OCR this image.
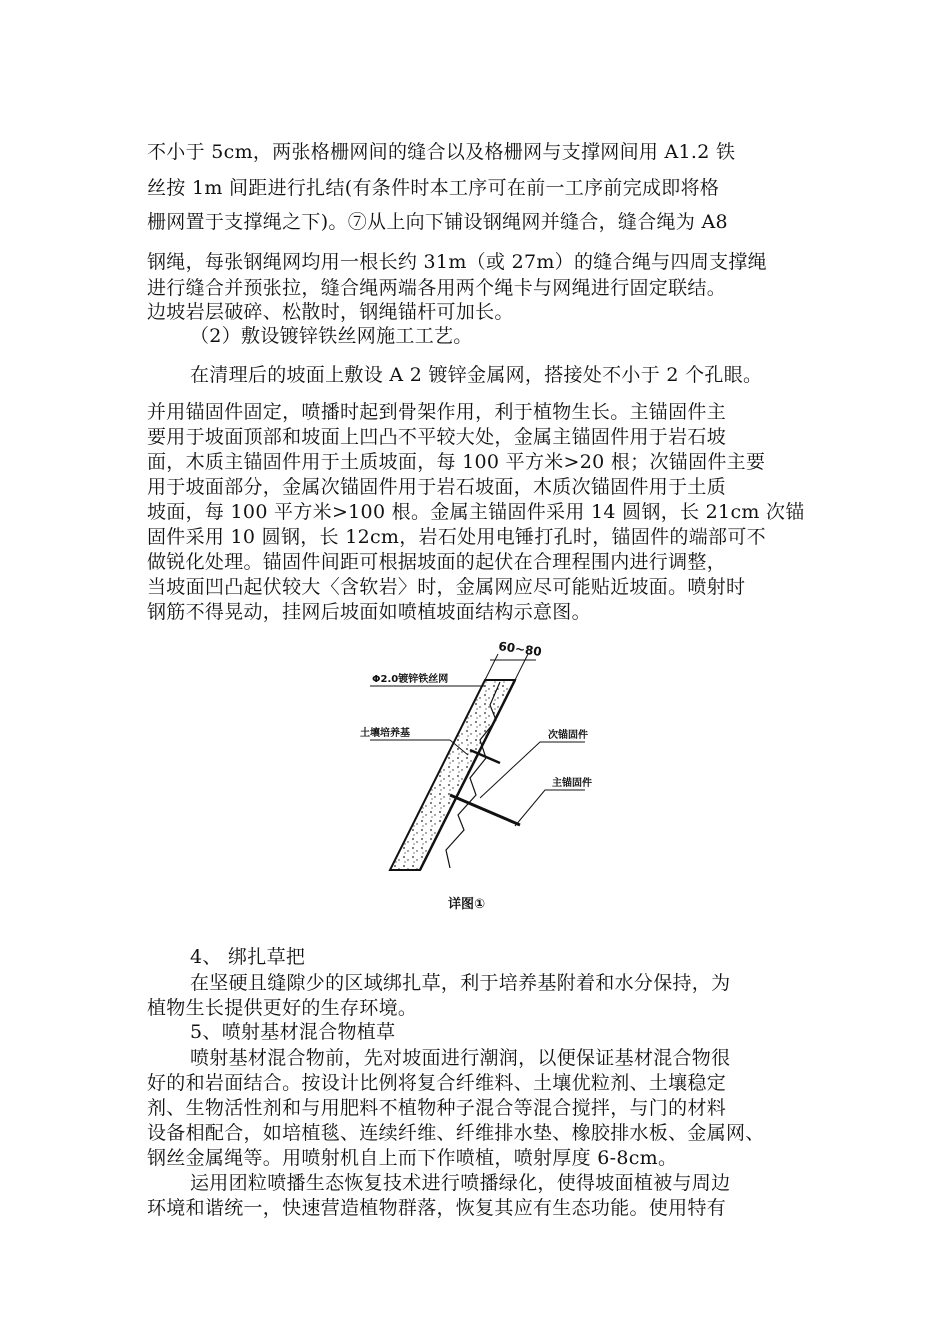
不小于 5cm，两张格栅网间的缝合以及格栅网与支撑网间用 A1.2 铁
丝按 1m 间距进行扎结(有条件时本工序可在前一工序前完成即将格
栅网置于支撑绳之下)。⑦从上向下铺设钢绳网并缝合，缝合绳为 A8
钢绳，每张钢绳网均用一根长约 31m（或 27m）的缝合绳与四周支撑绳
进行缝合并预张拉，缝合绳两端各用两个绳卡与网绳进行固定联结。
边坡岩层破碎、松散时，钢绳锚杆可加长。
（2）敷设镀锌铁丝网施工工艺。
在清理后的坡面上敷设 A 2 镀锌金属网，搭接处不小于 2 个孔眼。
并用锚固件固定，喷播时起到骨架作用，利于植物生长。主锚固件主
要用于坡面顶部和坡面上凹凸不平较大处，金属主锚固件用于岩石坡
面，木质主锚固件用于土质坡面，每 100 平方米>20 根；次锚固件主要
用于坡面部分，金属次锚固件用于岩石坡面，木质次锚固件用于土质
坡面，每 100 平方米>100 根。金属主锚固件采用 14 圆钢，长 21cm 次锚
固件采用 10 圆钢，长 12cm，岩石处用电锤打孔时，锚固件的端部可不
做锐化处理。锚固件间距可根据坡面的起伏在合理程围内进行调整，
当坡面凹凸起伏较大〈含软岩〉时，金属网应尽可能贴近坡面。喷射时
钢筋不得晃动，挂网后坡面如喷植坡面结构示意图。
60~80
Φ2.0镀锌铁丝网
土壤培养基	次锚固件
主锚固件
详图①
4、 绑扎草把
在坚硬且缝隙少的区域绑扎草，利于培养基附着和水分保持，为
植物生长提供更好的生存环境。
5、喷射基材混合物植草
喷射基材混合物前，先对坡面进行潮润，以便保证基材混合物很
好的和岩面结合。按设计比例将复合纤维料、土壤优粒剂、土壤稳定
剂、生物活性剂和与用肥料不植物种子混合等混合搅拌，与门的材料
设备相配合，如培植毯、连续纤维、纤维排水垫、橡胶排水板、金属网、
钢丝金属绳等。用喷射机自上而下作喷植，喷射厚度 6-8cm。
运用团粒喷播生态恢复技术进行喷播绿化，使得坡面植被与周边
环境和谐统一，快速营造植物群落，恢复其应有生态功能。使用特有
